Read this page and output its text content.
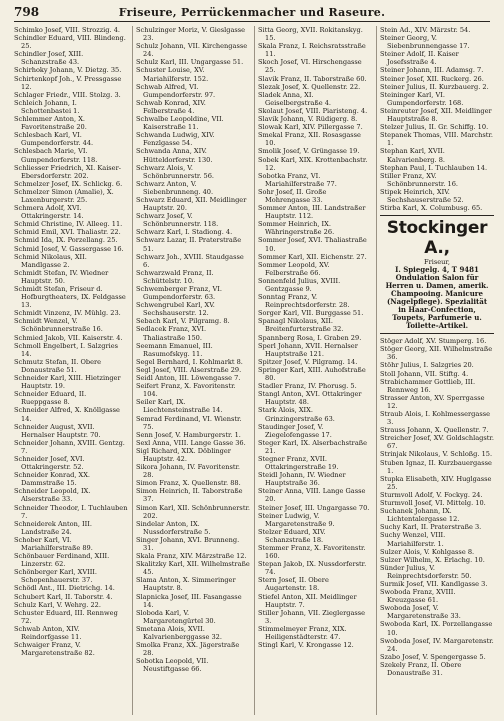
798	Friseure, Perrückenmacher und Raseure.

Schimko Josef, VIII. Strozzig. 4.

Schindler Eduard, VIII. Blindeng. 25.

Schindler Josef, XIII. Schanzstraße 43.

Schirhoky Johann, V. Dietzg. 35.

Schirtenkopf Joh., V. Pressgasse 12.

Schlager Friedr., VIII. Stolzg. 3.

Schleich Johann, I. Schottenbastei 1.

Schlemmer Anton, X. Favoritenstraße 20.

Schlesbach Karl, VI. Gumpendorferstr. 44.

Schlesbach Marie, VI. Gumpendorferstr. 118.

Schliesser Friedrich, XI. Kaiser-Ebersdorferstr. 202.

Schmelzer Josef, IX. Schlickg. 6.

Schmelzer Simon (Amalie), X. Laxenburgerstr. 25.

Schmera Adolf, XVI. Ottakringerstr. 14.

Schmid Christine, IV. Alleeg. 11.

Schmid Emil, XVI. Thaliastr. 22.

Schmid Ida, IX. Porzellang. 25.

Schmid Josef, V. Gassergasse 16.

Schmid Nikolaus, XII. Mandlgasse 2.

Schmidt Stefan, IV. Wiedner Hauptstr. 50.

Schmidt Stefan, Friseur d. Hofburgtheaters, IX. Feldgasse 13.

Schmidt Vinzenz, IV. Mühlg. 23.

Schmidt Wenzel, V. Schönbrunnerstraße 16.

Schmied Jakob, VII. Kaiserstr. 4.

Schmoll Engelbert, I. Salzgries 14.

Schmutz Stefan, II. Obere Donaustraße 51.

Schneider Karl, XIII. Hietzinger Hauptstr. 19.

Schneider Eduard, II. Rueppgasse 8.

Schneider Alfred, X. Knöllgasse 14.

Schneider August, XVII. Hernalser Hauptstr. 70.

Schneider Johann, XVIII. Gentzg. 7.

Schneider Josef, XVI. Ottakringerstr. 52.

Schneider Konrad, XX. Dammstraße 15.

Schneider Leopold, IX. Alserstraße 33.

Schneider Theodor, I. Tuchlauben 7.

Schneiderek Anton, III. Landstraße 24.

Schober Karl, VI. Mariahilferstraße 89.

Schönbauer Ferdinand, XIII. Linzerstr. 62.

Schönberger Karl, XVIII. Schopenhauerstr. 37.

Schödl Ant., III. Dietrichg. 14.

Schubert Karl, II. Taborstr. 4.

Schulz Karl, V. Wehrg. 22.

Schuster Eduard, III. Rennweg 72.

Schwab Anton, XIV. Reindorfgasse 11.

Schwaiger Franz, V. Margaretenstraße 82.

Schulzinger Moriz, V. Gieslgasse 23.

Schulz Johann, VII. Kirchengasse 24.

Schulz Karl, III. Ungargasse 51.

Schuster Louise, XV. Mariahilferstr. 152.

Schwab Alfred, VI. Gumpendorferstr. 97.

Schwab Konrad, XIV. Felberstraße 4.

Schwalbe Leopoldine, VII. Kaiserstraße 11.

Schwanda Ludwig, XIV. Fenzlgasse 54.

Schwanda Anna, XIV. Hütteldorferstr. 130.

Schwarz Alois, V. Schönbrunnerstr. 56.

Schwarz Anton, V. Siebenbrunneng. 40.

Schwarz Eduard, XII. Meidlinger Hauptstr. 20.

Schwarz Josef, V. Schönbrunnerstr. 118.

Schwarz Karl, I. Stadiong. 4.

Schwarz Lazar, II. Praterstraße 51.

Schwarz Joh., XVIII. Staudgasse 6.

Schwarzwald Franz, II. Schüttelstr. 10.

Schwemberger Franz, VI. Gumpendorferstr. 63.

Schwengrubel Karl, XV. Sechshauserstr. 12.

Sebach Karl, V. Pilgramg. 8.

Sedlacek Franz, XVI. Thaliastraße 150.

Seemann Emanuel, III. Rasumofskyg. 11.

Segel Bernhard, I. Kohlmarkt 8.

Segl Josef, VIII. Alserstraße 29.

Seidl Anton, III. Löwengasse 7.

Seifert Franz, X. Favoritenstr. 104.

Seiler Karl, IX. Liechtensteinstraße 14.

Semrad Ferdinand, VI. Wienstr. 75.

Senn Josef, V. Hamburgerstr. 1.

Sexl Anna, VIII. Lange Gasse 36.

Sigl Richard, XIX. Döblinger Hauptstr. 42.

Sikora Johann, IV. Favoritenstr. 28.

Simon Franz, X. Quellenstr. 88.

Simon Heinrich, II. Taborstraße 37.

Simon Karl, XII. Schönbrunnerstr. 202.

Sindelar Anton, IX. Nussdorferstraße 5.

Singer Johann, XVI. Brunneng. 31.

Skala Franz, XIV. Märzstraße 12.

Skalitzky Karl, XII. Wilhelmstraße 45.

Slama Anton, X. Simmeringer Hauptstr. 8.

Slapnicka Josef, III. Fasangasse 14.

Sloboda Karl, V. Margaretengürtel 30.

Smetana Alois, XVII. Kalvarienberggasse 32.

Smolka Franz, XX. Jägerstraße 28.

Sobotka Leopold, VII. Neustiftgasse 66.

Sitta Georg, XVII. Rokitanskyg. 15.

Skala Franz, I. Reichsratsstraße 11.

Skoch Josef, VI. Hirschengasse 25.

Slavik Franz, II. Taborstraße 60.

Slezak Josef, X. Quellenstr. 22.

Sladek Anna, XI. Geiselbergstraße 4.

Skolaut Josef, VIII. Piaristeng. 4.

Slavik Johann, V. Rüdigerg. 8.

Slowak Karl, XIV. Pillergasse 7.

Smekal Franz, XII. Rosasgasse 10.

Smolik Josef, V. Grüngasse 19.

Sobek Karl, XIX. Krottenbachstr. 12.

Sobotka Franz, VI. Mariahilferstraße 77.

Sohr Josef, II. Große Mohrengasse 33.

Sommer Anton, III. Landstraßer Hauptstr. 112.

Sommer Heinrich, IX. Währingerstraße 26.

Sommer Josef, XVI. Thaliastraße 10.

Sommer Karl, XII. Eichenstr. 27.

Sommer Leopold, XV. Felberstraße 66.

Sonnenfeld Julius, XVIII. Gentzgasse 9.

Sonntag Franz, V. Reinprechtsdorferstr. 28.

Sorger Karl, VII. Burggasse 51.

Spanagl Nikolaus, XII. Breitenfurterstraße 32.

Spannberg Rosa, I. Graben 29.

Sperl Johann, XVII. Hernalser Hauptstraße 121.

Spitzer Josef, V. Pilgramg. 14.

Springer Karl, XIII. Auhofstraße 80.

Stadler Franz, IV. Phorusg. 5.

Stangl Anton, XVI. Ottakringer Hauptstr. 48.

Stark Alois, XIX. Grinzingerstraße 63.

Staudinger Josef, V. Ziegelofengasse 17.

Steger Karl, IX. Alserbachstraße 21.

Stegner Franz, XVII. Ottakringerstraße 19.

Steidl Johann, IV. Wiedner Hauptstraße 36.

Steiner Anna, VIII. Lange Gasse 20.

Steiner Josef, III. Ungargasse 70.

Steiner Ludwig, V. Margaretenstraße 9.

Stelzer Eduard, XIV. Schanzstraße 18.

Stemmer Franz, X. Favoritenstr. 160.

Stepan Jakob, IX. Nussdorferstr. 74.

Stern Josef, II. Obere Augartenstr. 18.

Stiefel Anton, XII. Meidlinger Hauptstr. 7.

Stiller Johann, VII. Zieglergasse 3.

Stimmelmeyer Franz, XIX. Heiligenstädterstr. 47.

Stingl Karl, V. Krongasse 12.

Stein Ad., XIV. Märzstr. 54.

Steiner Georg, V. Siebenbrunnengasse 17.

Steiner Adolf, II. Kaiser Josefsstraße 4.

Steiner Johann, III. Adamsg. 7.

Steiner Josef, XII. Ruckerg. 26.

Steiner Julius, II. Kurzbauerg. 2.

Steininger Karl, VI. Gumpendorferstr. 168.

Steinreuter Josef, XII. Meidlinger Hauptstraße 8.

Stelzer Julius, II. Gr. Schiffg. 10.

Stepanek Thomas, VIII. Marchstr. 1.

Stephan Karl, XVII. Kalvarienberg. 8.

Stephan Paul, I. Tuchlauben 14.

Stiller Franz, XV. Schönbrunnerstr. 16.

Stipek Heinrich, XIV. Sechshauserstraße 52.

Stirba Karl, X. Columbusg. 65.

Stockinger A.,
Friseur,
I. Spiegelg. 4, T 9481
Ondulation Salon für
Herren u. Damen, amerik.
Champooing. Manicure
(Nagelpflege). Spezialität
in Haar-Confection,
Toupets, Parfumerie u.
Toilette-Artikel.

Stöger Adolf, XV. Stumperg. 16.

Stöger Georg, XII. Wilhelmstraße 36.

Stöhr Julius, I. Salzgries 20.

Stoll Johann, VII. Stiftg. 4.

Strabichammer Gottlieb, III. Rennweg 16.

Strasser Anton, XV. Sperrgasse 12.

Straub Alois, I. Kohlmessergasse 3.

Strauss Johann, X. Quellenstr. 7.

Streicher Josef, XV. Goldschlagstr. 67.

Strinjak Nikolaus, V. Schloßg. 15.

Stuben Ignaz, II. Kurzbauergasse 1.

Stupka Elisabeth, XIV. Huglgasse 25.

Sturmvoll Adolf, V. Fockyg. 24.

Sturmvoll Josef, VI. Mittelg. 10.

Suchanek Johann, IX. Lichtentalergasse 12.

Suchy Karl, II. Praterstraße 3.

Suchy Wenzel, VIII. Mariahilferstr. 1.

Sulzer Alois, V. Kohlgasse 8.

Sulzer Wilhelm, X. Erlachg. 10.

Sünder Julius, V. Reinprechtsdorferstr. 50.

Surmik Josef, VII. Kandlgasse 3.

Swoboda Franz, XVIII. Kreuzgasse 61.

Swoboda Josef, V. Margaretenstraße 33.

Swoboda Karl, IX. Porzellangasse 10.

Swoboda Josef, IV. Margaretenstr. 24.

Szabo Josef, V. Spengergasse 5.

Szekely Franz, II. Obere Donaustraße 31.
